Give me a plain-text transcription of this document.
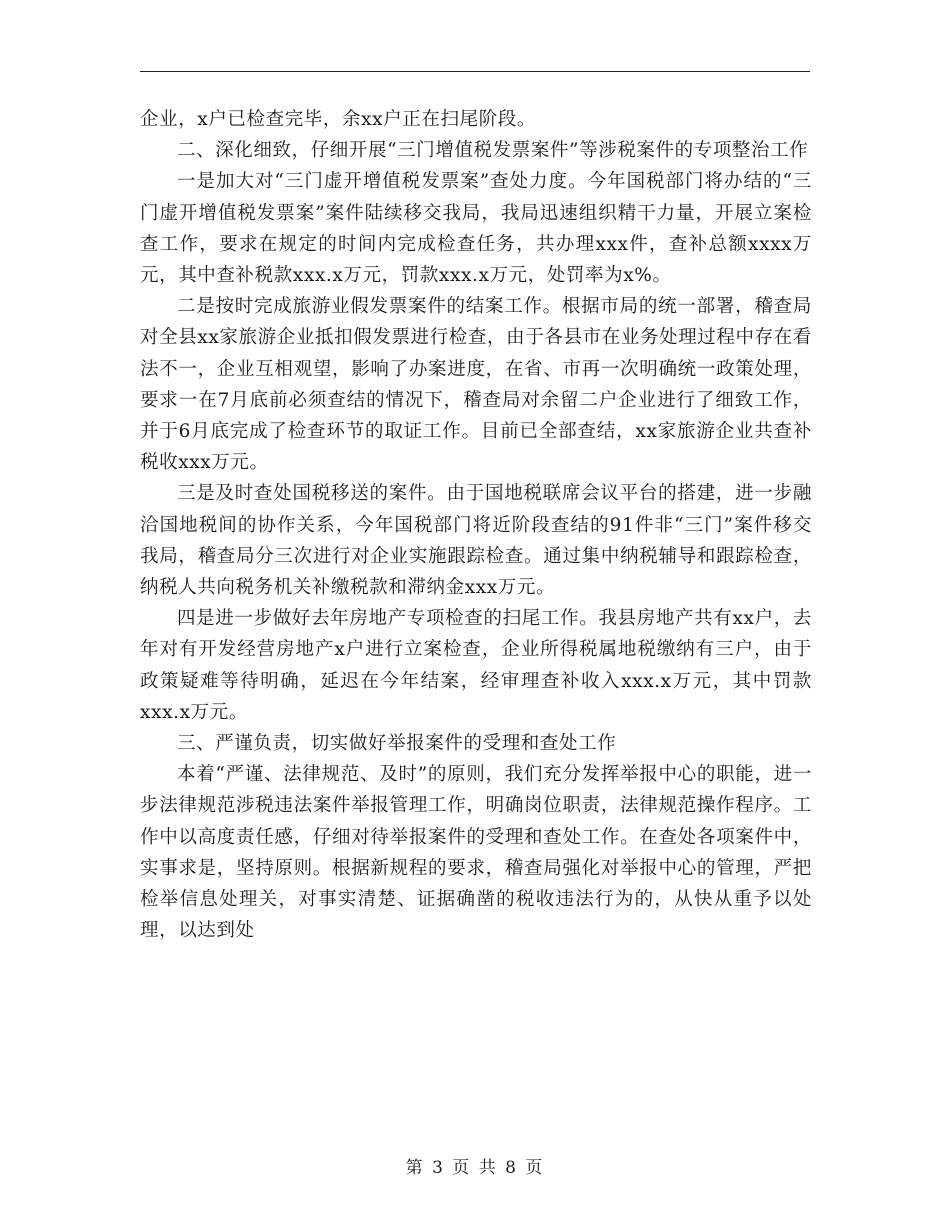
企业，x户已检查完毕，余xx户正在扫尾阶段。

二、深化细致，仔细开展“三门增值税发票案件”等涉税案件的专项整治工作

一是加大对“三门虚开增值税发票案”查处力度。今年国税部门将办结的“三门虚开增值税发票案”案件陆续移交我局，我局迅速组织精干力量，开展立案检查工作，要求在规定的时间内完成检查任务，共办理xxx件，查补总额xxxx万元，其中查补税款xxx.x万元，罚款xxx.x万元，处罚率为x%。

二是按时完成旅游业假发票案件的结案工作。根据市局的统一部署，稽查局对全县xx家旅游企业抵扣假发票进行检查，由于各县市在业务处理过程中存在看法不一，企业互相观望，影响了办案进度，在省、市再一次明确统一政策处理，要求一在7月底前必须查结的情况下，稽查局对余留二户企业进行了细致工作，并于6月底完成了检查环节的取证工作。目前已全部查结，xx家旅游企业共查补税收xxx万元。

三是及时查处国税移送的案件。由于国地税联席会议平台的搭建，进一步融洽国地税间的协作关系，今年国税部门将近阶段查结的91件非“三门”案件移交我局，稽查局分三次进行对企业实施跟踪检查。通过集中纳税辅导和跟踪检查，纳税人共向税务机关补缴税款和滞纳金xxx万元。

四是进一步做好去年房地产专项检查的扫尾工作。我县房地产共有xx户，去年对有开发经营房地产x户进行立案检查，企业所得税属地税缴纳有三户，由于政策疑难等待明确，延迟在今年结案，经审理查补收入xxx.x万元，其中罚款xxx.x万元。

三、严谨负责，切实做好举报案件的受理和查处工作

本着“严谨、法律规范、及时”的原则，我们充分发挥举报中心的职能，进一步法律规范涉税违法案件举报管理工作，明确岗位职责，法律规范操作程序。工作中以高度责任感，仔细对待举报案件的受理和查处工作。在查处各项案件中，实事求是，坚持原则。根据新规程的要求，稽查局强化对举报中心的管理，严把检举信息处理关，对事实清楚、证据确凿的税收违法行为的，从快从重予以处理，以达到处

第 3 页 共 8 页
